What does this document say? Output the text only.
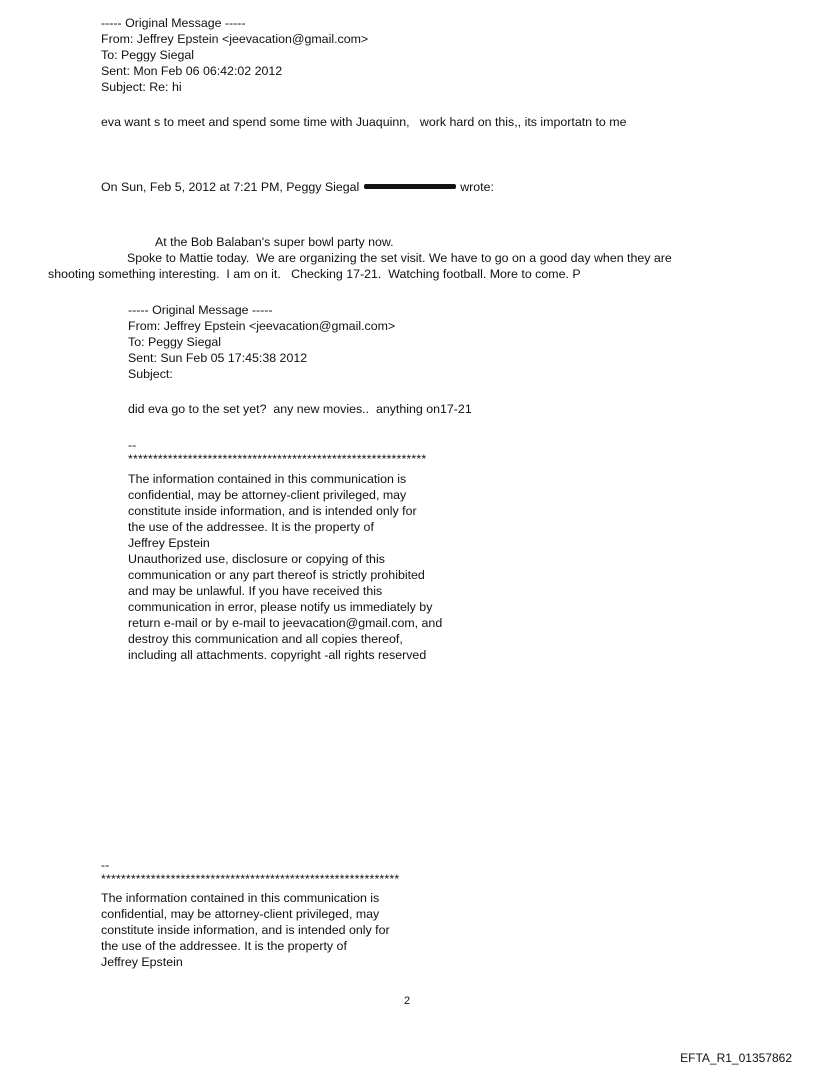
----- Original Message -----
From: Jeffrey Epstein <jeevacation@gmail.com>
To: Peggy Siegal
Sent: Mon Feb 06 06:42:02 2012
Subject: Re: hi
eva want s to meet and spend some time with Juaquinn,   work hard on this,, its importatn to me
On Sun, Feb 5, 2012 at 7:21 PM, Peggy Siegal	wrote:
At the Bob Balaban's super bowl party now.
Spoke to Mattie today.  We are organizing the set visit. We have to go on a good day when they are
shooting something interesting.  I am on it.   Checking 17-21.  Watching football. More to come. P
----- Original Message -----
From: Jeffrey Epstein <jeevacation@gmail.com>
To: Peggy Siegal
Sent: Sun Feb 05 17:45:38 2012
Subject:
did eva go to the set yet?  any new movies..  anything on17-21
--
************************************************************
The information contained in this communication is
confidential, may be attorney-client privileged, may
constitute inside information, and is intended only for
the use of the addressee. It is the property of
Jeffrey Epstein
Unauthorized use, disclosure or copying of this
communication or any part thereof is strictly prohibited
and may be unlawful. If you have received this
communication in error, please notify us immediately by
return e-mail or by e-mail to jeevacation@gmail.com, and
destroy this communication and all copies thereof,
including all attachments. copyright -all rights reserved
--
************************************************************
The information contained in this communication is
confidential, may be attorney-client privileged, may
constitute inside information, and is intended only for
the use of the addressee. It is the property of
Jeffrey Epstein
2
EFTA_R1_01357862
